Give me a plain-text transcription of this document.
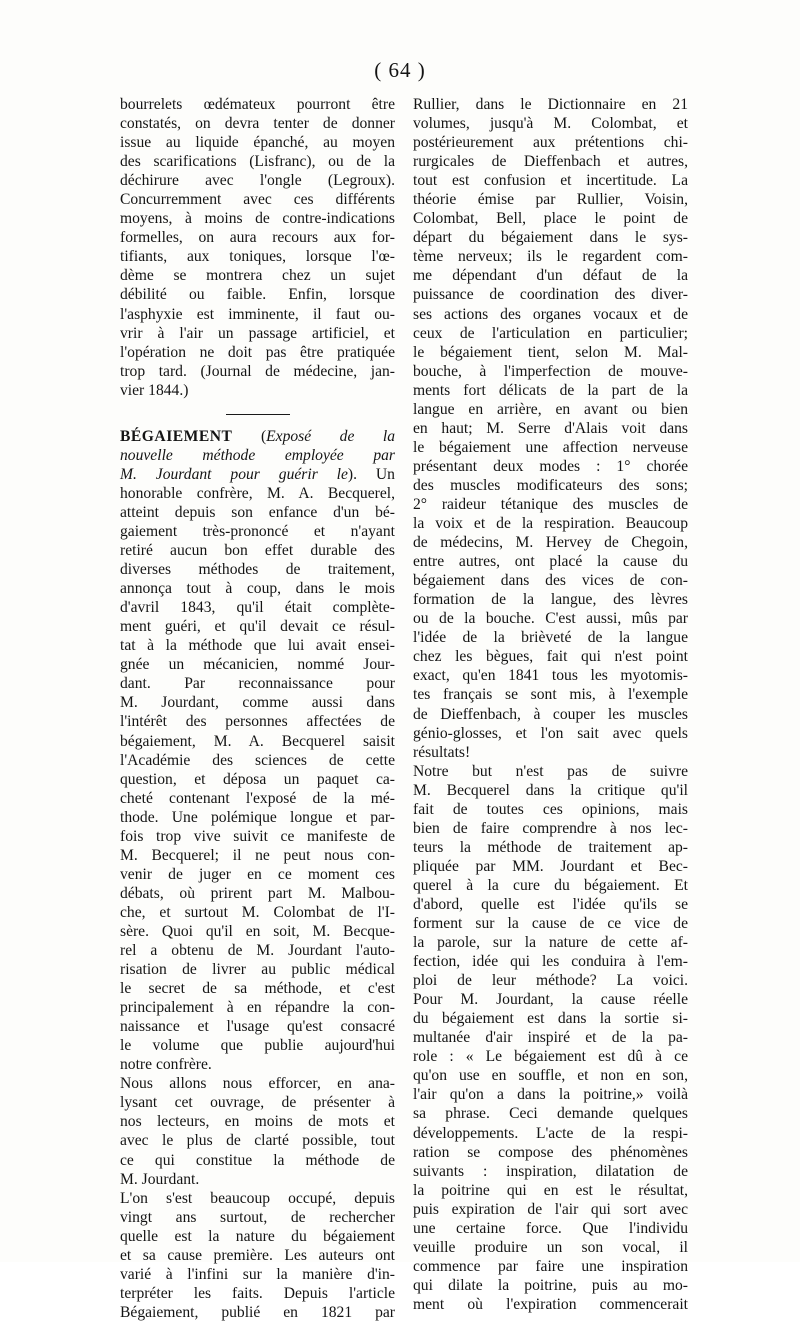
( 64 )
bourrelets œdémateux pourront être
constatés, on devra tenter de donner
issue au liquide épanché, au moyen
des scarifications (Lisfranc), ou de la
déchirure avec l'ongle (Legroux).
Concurremment avec ces différents
moyens, à moins de contre-indications
formelles, on aura recours aux for-
tifiants, aux toniques, lorsque l'œ-
dème se montrera chez un sujet
débilité ou faible. Enfin, lorsque
l'asphyxie est imminente, il faut ou-
vrir à l'air un passage artificiel, et
l'opération ne doit pas être pratiquée
trop tard. (Journal de médecine, jan-
vier 1844.)
BÉGAIEMENT (Exposé de la
nouvelle méthode employée par
M. Jourdant pour guérir le). Un
honorable confrère, M. A. Becquerel,
atteint depuis son enfance d'un bé-
gaiement très-prononcé et n'ayant
retiré aucun bon effet durable des
diverses méthodes de traitement,
annonça tout à coup, dans le mois
d'avril 1843, qu'il était complète-
ment guéri, et qu'il devait ce résul-
tat à la méthode que lui avait ensei-
gnée un mécanicien, nommé Jour-
dant. Par reconnaissance pour
M. Jourdant, comme aussi dans
l'intérêt des personnes affectées de
bégaiement, M. A. Becquerel saisit
l'Académie des sciences de cette
question, et déposa un paquet ca-
cheté contenant l'exposé de la mé-
thode. Une polémique longue et par-
fois trop vive suivit ce manifeste de
M. Becquerel; il ne peut nous con-
venir de juger en ce moment ces
débats, où prirent part M. Malbou-
che, et surtout M. Colombat de l'I-
sère. Quoi qu'il en soit, M. Becque-
rel a obtenu de M. Jourdant l'auto-
risation de livrer au public médical
le secret de sa méthode, et c'est
principalement à en répandre la con-
naissance et l'usage qu'est consacré
le volume que publie aujourd'hui
notre confrère.
Nous allons nous efforcer, en ana-
lysant cet ouvrage, de présenter à
nos lecteurs, en moins de mots et
avec le plus de clarté possible, tout
ce qui constitue la méthode de
M. Jourdant.
L'on s'est beaucoup occupé, depuis
vingt ans surtout, de rechercher
quelle est la nature du bégaiement
et sa cause première. Les auteurs ont
varié à l'infini sur la manière d'in-
terpréter les faits. Depuis l'article
Bégaiement, publié en 1821 par
Rullier, dans le Dictionnaire en 21
volumes, jusqu'à M. Colombat, et
postérieurement aux prétentions chi-
rurgicales de Dieffenbach et autres,
tout est confusion et incertitude. La
théorie émise par Rullier, Voisin,
Colombat, Bell, place le point de
départ du bégaiement dans le sys-
tème nerveux; ils le regardent com-
me dépendant d'un défaut de la
puissance de coordination des diver-
ses actions des organes vocaux et de
ceux de l'articulation en particulier;
le bégaiement tient, selon M. Mal-
bouche, à l'imperfection de mouve-
ments fort délicats de la part de la
langue en arrière, en avant ou bien
en haut; M. Serre d'Alais voit dans
le bégaiement une affection nerveuse
présentant deux modes : 1° chorée
des muscles modificateurs des sons;
2° raideur tétanique des muscles de
la voix et de la respiration. Beaucoup
de médecins, M. Hervey de Chegoin,
entre autres, ont placé la cause du
bégaiement dans des vices de con-
formation de la langue, des lèvres
ou de la bouche. C'est aussi, mûs par
l'idée de la brièveté de la langue
chez les bègues, fait qui n'est point
exact, qu'en 1841 tous les myotomis-
tes français se sont mis, à l'exemple
de Dieffenbach, à couper les muscles
génio-glosses, et l'on sait avec quels
résultats!
Notre but n'est pas de suivre
M. Becquerel dans la critique qu'il
fait de toutes ces opinions, mais
bien de faire comprendre à nos lec-
teurs la méthode de traitement ap-
pliquée par MM. Jourdant et Bec-
querel à la cure du bégaiement. Et
d'abord, quelle est l'idée qu'ils se
forment sur la cause de ce vice de
la parole, sur la nature de cette af-
fection, idée qui les conduira à l'em-
ploi de leur méthode? La voici.
Pour M. Jourdant, la cause réelle
du bégaiement est dans la sortie si-
multanée d'air inspiré et de la pa-
role : « Le bégaiement est dû à ce
qu'on use en souffle, et non en son,
l'air qu'on a dans la poitrine,» voilà
sa phrase. Ceci demande quelques
développements. L'acte de la respi-
ration se compose des phénomènes
suivants : inspiration, dilatation de
la poitrine qui en est le résultat,
puis expiration de l'air qui sort avec
une certaine force. Que l'individu
veuille produire un son vocal, il
commence par faire une inspiration
qui dilate la poitrine, puis au mo-
ment où l'expiration commencerait
